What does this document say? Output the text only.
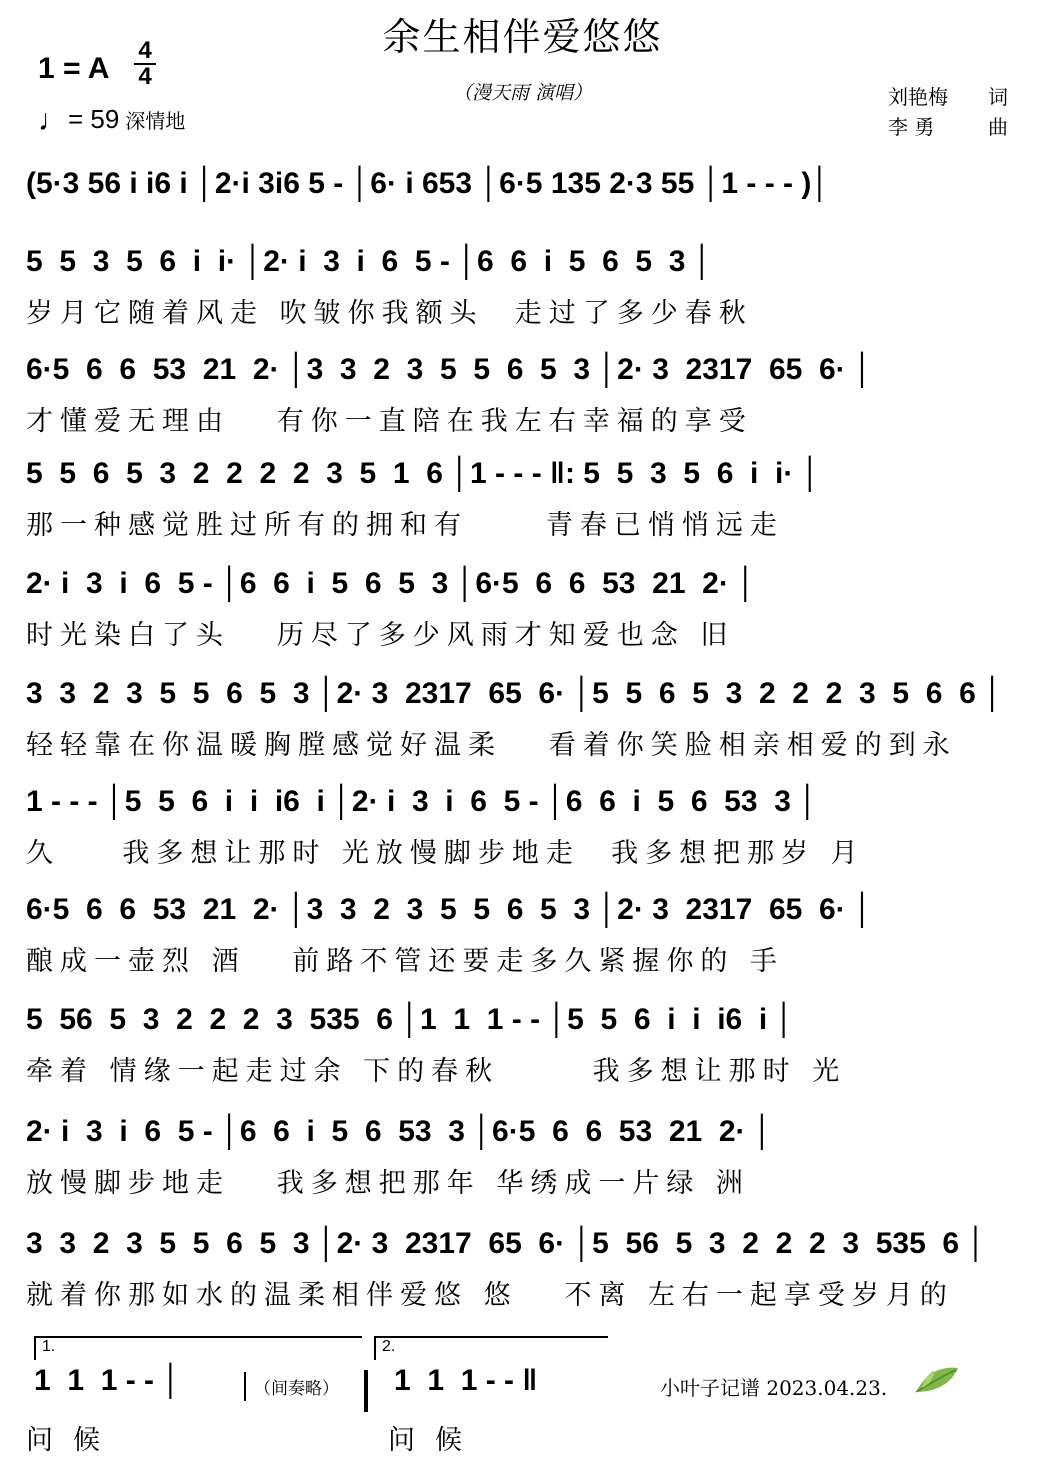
余生相伴爱悠悠
（漫天雨 演唱）
1 = A
4
4
♩= 59 深情地
刘艳梅 词
李 勇	曲
(5·3 56 i i6 i │2·i 3i6 5 - │6· i 653 │6·5 135 2·3 55 │1 - - - )│
5  5  3  5  6  i  i· │2· i  3  i  6  5 - │6  6  i  5  6  5  3 │
岁月它随着风走 吹皱你我额头  走过了多少春秋
6·5  6  6  53  21  2· │3  3  2  3  5  5  6  5  3 │2· 3  2317  65  6· │
才懂爱无理由   有你一直陪在我左右幸福的享受
5  5  6  5  3  2  2  2  2  3  5  1  6 │1 - - - ‖: 5  5  3  5  6  i  i· │
那一种感觉胜过所有的拥和有     青春已悄悄远走
2· i  3  i  6  5 - │6  6  i  5  6  5  3 │6·5  6  6  53  21  2· │
时光染白了头   历尽了多少风雨才知爱也念 旧
3  3  2  3  5  5  6  5  3 │2· 3  2317  65  6· │5  5  6  5  3  2  2  2  3  5  6  6 │
轻轻靠在你温暖胸膛感觉好温柔   看着你笑脸相亲相爱的到永
1 - - - │5  5  6  i  i  i6  i │2· i  3  i  6  5 - │6  6  i  5  6  53  3 │
久    我多想让那时 光放慢脚步地走  我多想把那岁 月
6·5  6  6  53  21  2· │3  3  2  3  5  5  6  5  3 │2· 3  2317  65  6· │
酿成一壶烈 酒   前路不管还要走多久紧握你的 手
5  56  5  3  2  2  2  3  535  6 │1  1  1 - - │5  5  6  i  i  i6  i │
牵着 情缘一起走过余 下的春秋      我多想让那时 光
2· i  3  i  6  5 - │6  6  i  5  6  53  3 │6·5  6  6  53  21  2· │
放慢脚步地走   我多想把那年 华绣成一片绿 洲
3  3  2  3  5  5  6  5  3 │2· 3  2317  65  6· │5  56  5  3  2  2  2  3  535  6 │
就着你那如水的温柔相伴爱悠 悠   不离 左右一起享受岁月的
1.
1  1  1 - - │	（间奏略）
2.
1  1  1 - - ‖
问候	问候
小叶子记谱 2023.04.23.
